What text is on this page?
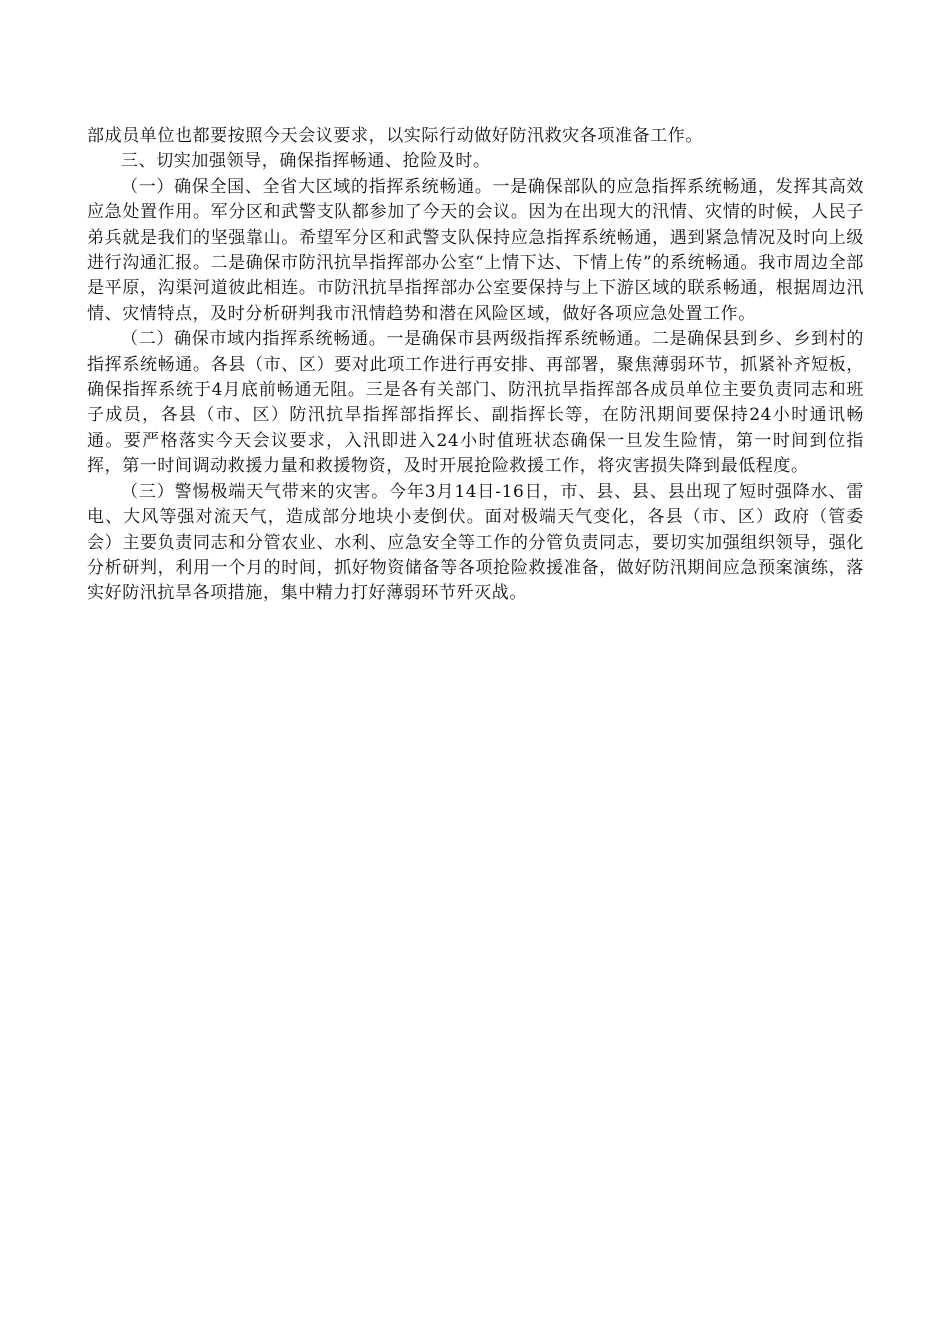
部成员单位也都要按照今天会议要求，以实际行动做好防汛救灾各项准备工作。

三、切实加强领导，确保指挥畅通、抢险及时。

（一）确保全国、全省大区域的指挥系统畅通。一是确保部队的应急指挥系统畅通，发挥其高效应急处置作用。军分区和武警支队都参加了今天的会议。因为在出现大的汛情、灾情的时候，人民子弟兵就是我们的坚强靠山。希望军分区和武警支队保持应急指挥系统畅通，遇到紧急情况及时向上级进行沟通汇报。二是确保市防汛抗旱指挥部办公室“上情下达、下情上传”的系统畅通。我市周边全部是平原，沟渠河道彼此相连。市防汛抗旱指挥部办公室要保持与上下游区域的联系畅通，根据周边汛情、灾情特点，及时分析研判我市汛情趋势和潜在风险区域，做好各项应急处置工作。

（二）确保市域内指挥系统畅通。一是确保市县两级指挥系统畅通。二是确保县到乡、乡到村的指挥系统畅通。各县（市、区）要对此项工作进行再安排、再部署，聚焦薄弱环节，抓紧补齐短板，确保指挥系统于4月底前畅通无阻。三是各有关部门、防汛抗旱指挥部各成员单位主要负责同志和班子成员，各县（市、区）防汛抗旱指挥部指挥长、副指挥长等，在防汛期间要保持24小时通讯畅通。要严格落实今天会议要求，入汛即进入24小时值班状态确保一旦发生险情，第一时间到位指挥，第一时间调动救援力量和救援物资，及时开展抢险救援工作，将灾害损失降到最低程度。

（三）警惕极端天气带来的灾害。今年3月14日-16日，市、县、县、县出现了短时强降水、雷电、大风等强对流天气，造成部分地块小麦倒伏。面对极端天气变化，各县（市、区）政府（管委会）主要负责同志和分管农业、水利、应急安全等工作的分管负责同志，要切实加强组织领导，强化分析研判，利用一个月的时间，抓好物资储备等各项抢险救援准备，做好防汛期间应急预案演练，落实好防汛抗旱各项措施，集中精力打好薄弱环节歼灭战。
